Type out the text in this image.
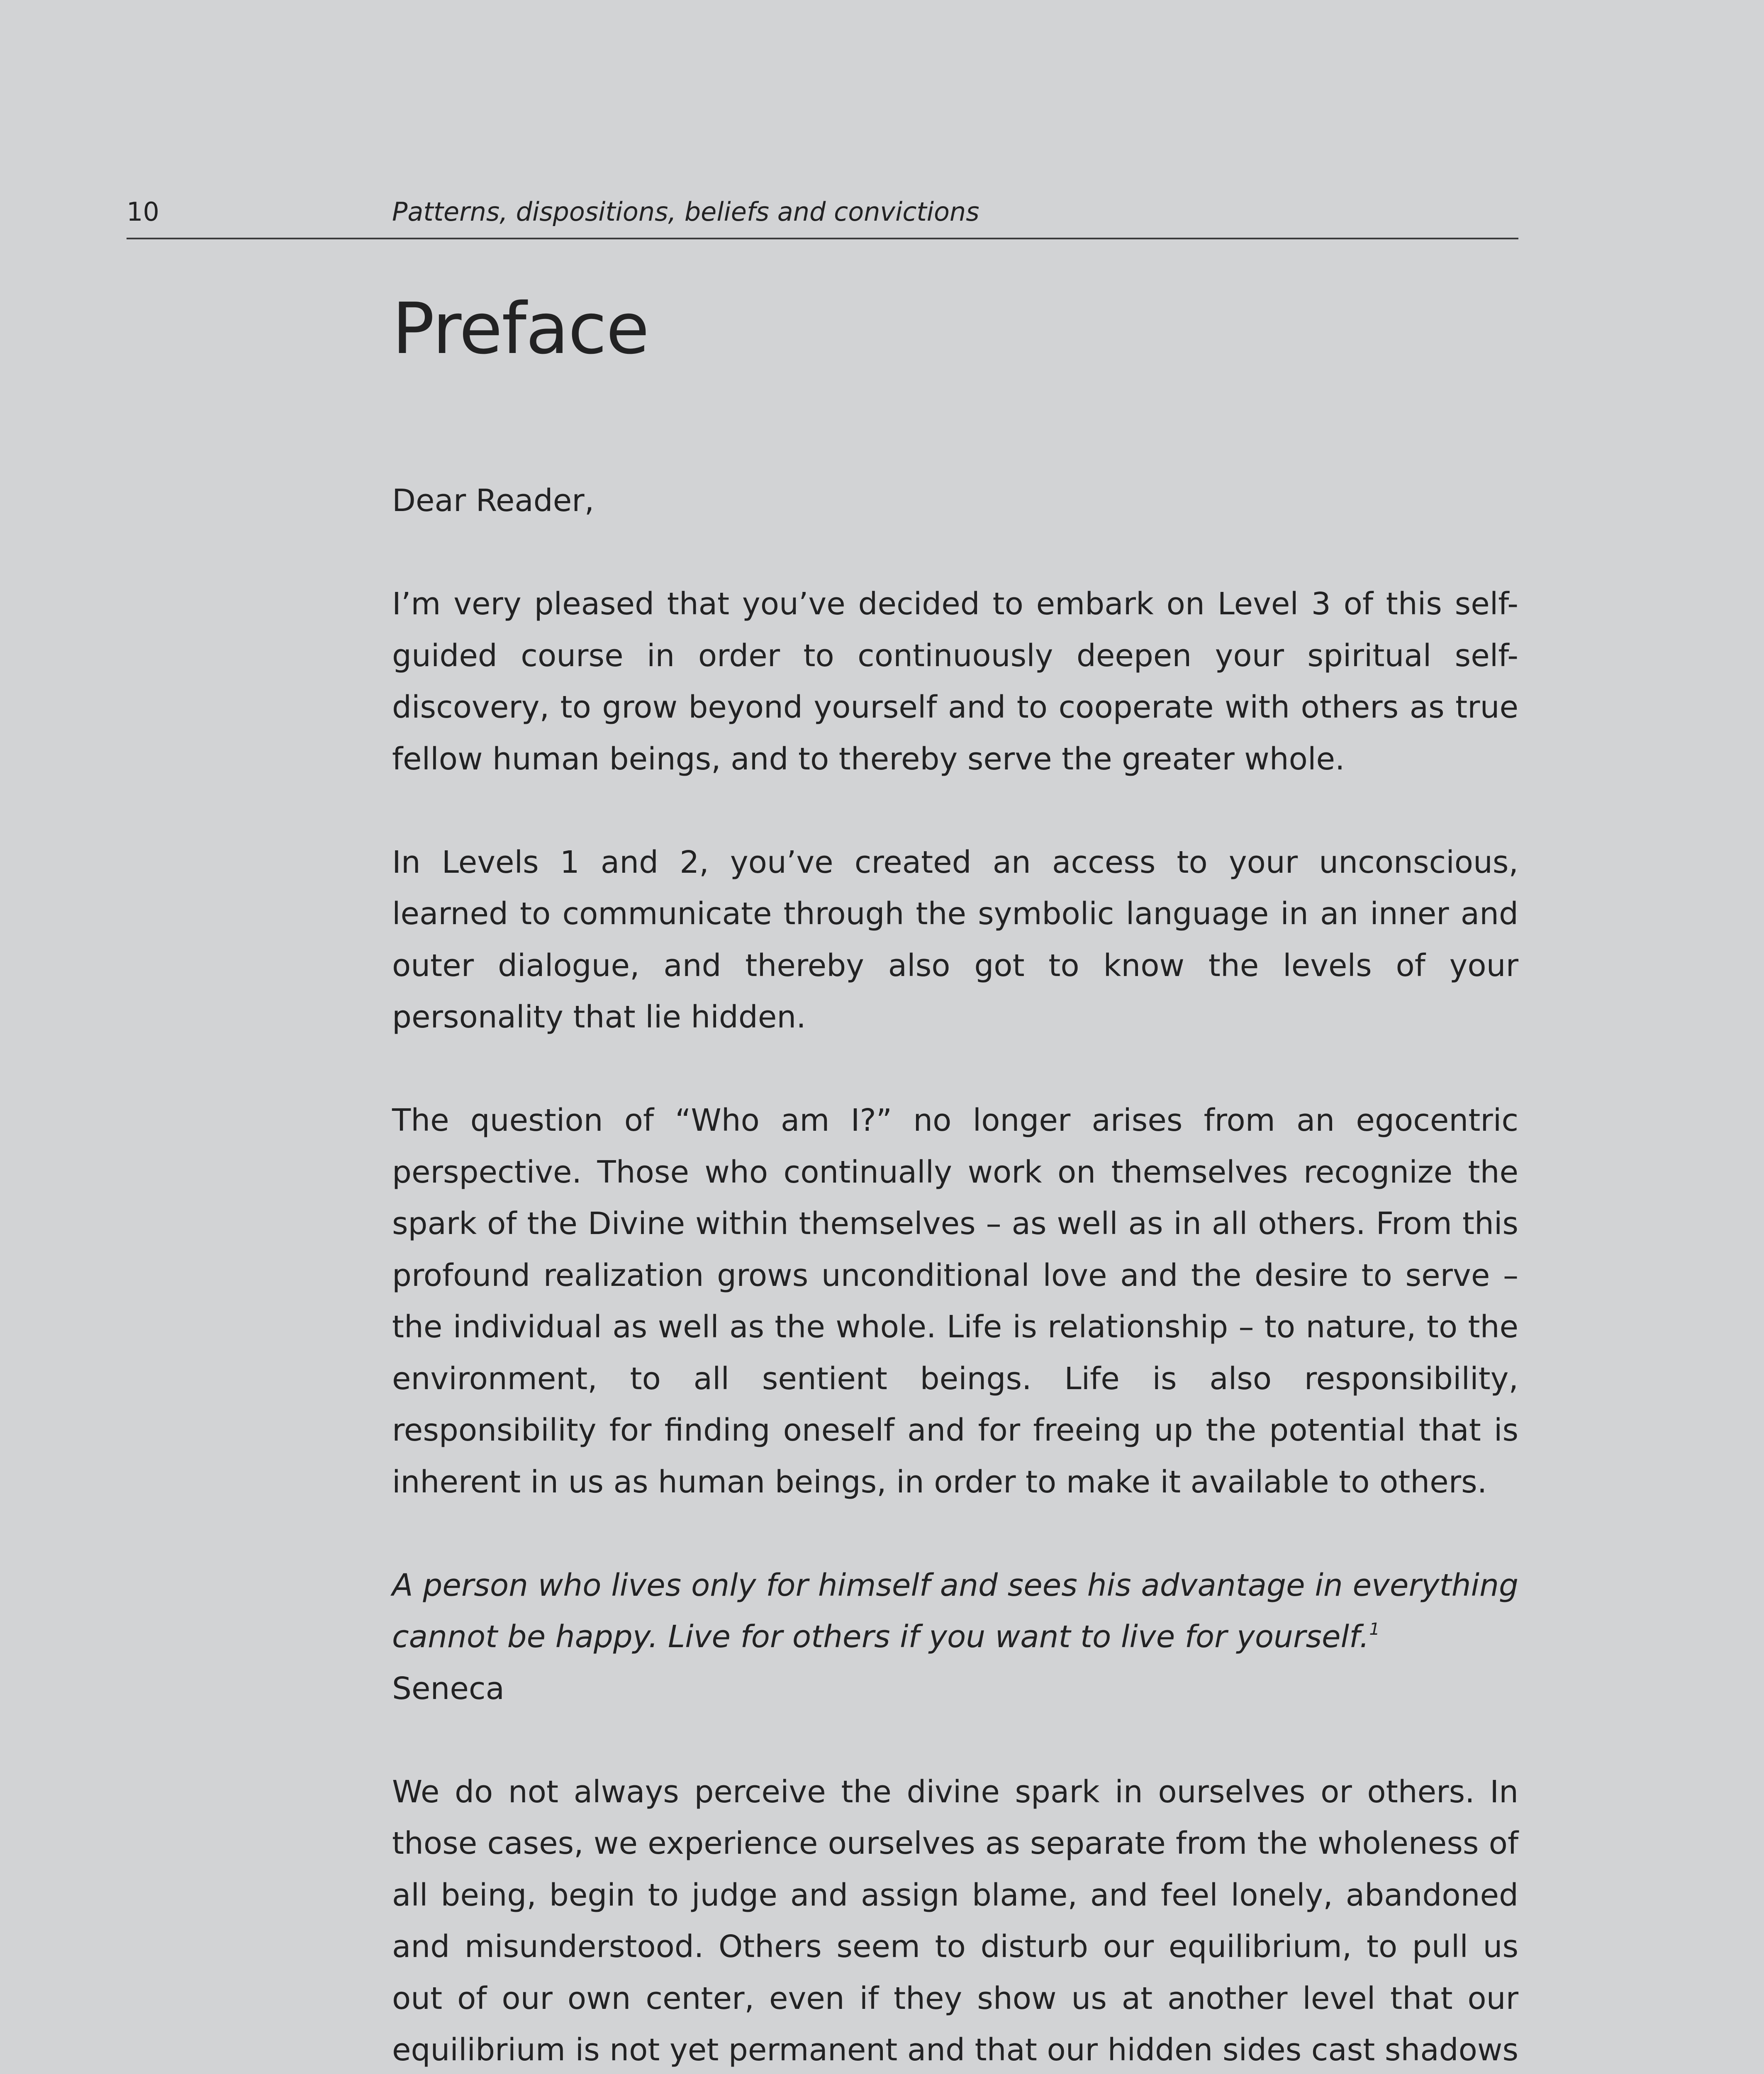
10	Patterns, dispositions, beliefs and convictions
Preface

Dear Reader,

I’m very pleased that you’ve decided to embark on Level 3 of this self-guided course in order to continuously deepen your spiritual self-discovery, to grow beyond yourself and to cooperate with others as true fellow human beings, and to thereby serve the greater whole.

In Levels 1 and 2, you’ve created an access to your unconscious, learned to communicate through the symbolic language in an inner and outer dialogue, and thereby also got to know the levels of your personality that lie hidden.

The question of “Who am I?” no longer arises from an egocentric perspective. Those who continually work on themselves recognize the spark of the Divine within themselves – as well as in all others. From this profound realization grows unconditional love and the desire to serve – the individual as well as the whole. Life is relationship – to nature, to the environment, to all sentient beings. Life is also responsibility, responsibility for finding oneself and for freeing up the potential that is inherent in us as human beings, in order to make it available to others.

A person who lives only for himself and sees his advantage in everything cannot be happy. Live for others if you want to live for yourself.$^1$
Seneca

We do not always perceive the divine spark in ourselves or others. In those cases, we experience ourselves as separate from the wholeness of all being, begin to judge and assign blame, and feel lonely, abandoned and misunderstood. Others seem to disturb our equilibrium, to pull us out of our own center, even if they show us at another level that our equilibrium is not yet permanent and that our hidden sides cast shadows
